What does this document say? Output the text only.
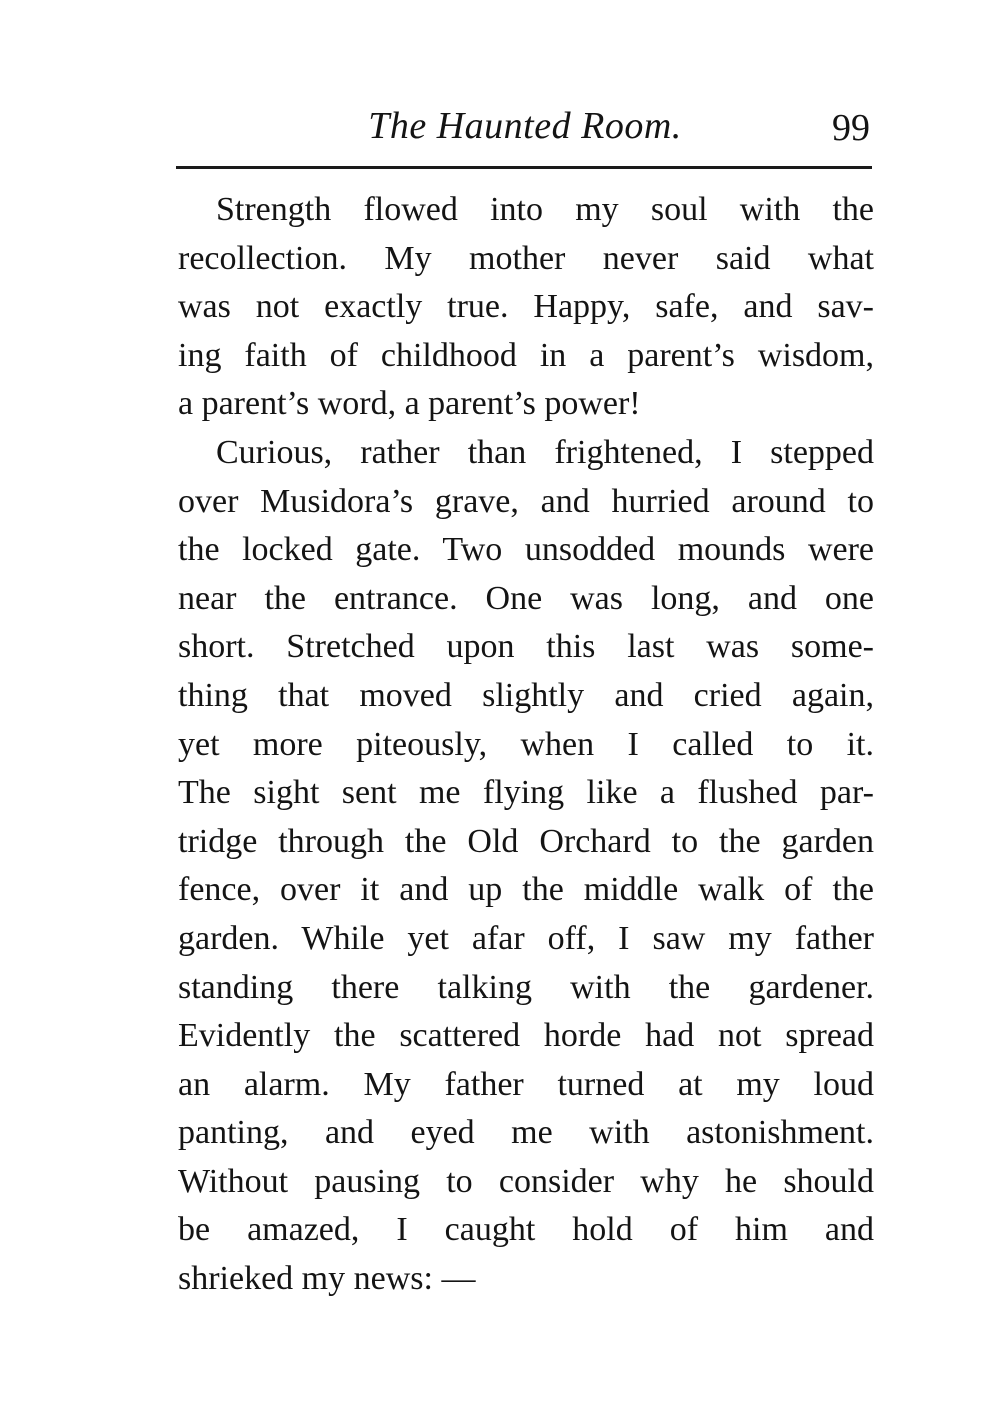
The Haunted Room.	99
Strength flowed into my soul with the
recollection. My mother never said what
was not exactly true. Happy, safe, and sav-
ing faith of childhood in a parent’s wisdom,
a parent’s word, a parent’s power!
Curious, rather than frightened, I stepped
over Musidora’s grave, and hurried around to
the locked gate. Two unsodded mounds were
near the entrance. One was long, and one
short. Stretched upon this last was some-
thing that moved slightly and cried again,
yet more piteously, when I called to it.
The sight sent me flying like a flushed par-
tridge through the Old Orchard to the garden
fence, over it and up the middle walk of the
garden. While yet afar off, I saw my father
standing there talking with the gardener.
Evidently the scattered horde had not spread
an alarm. My father turned at my loud
panting, and eyed me with astonishment.
Without pausing to consider why he should
be amazed, I caught hold of him and
shrieked my news: —
